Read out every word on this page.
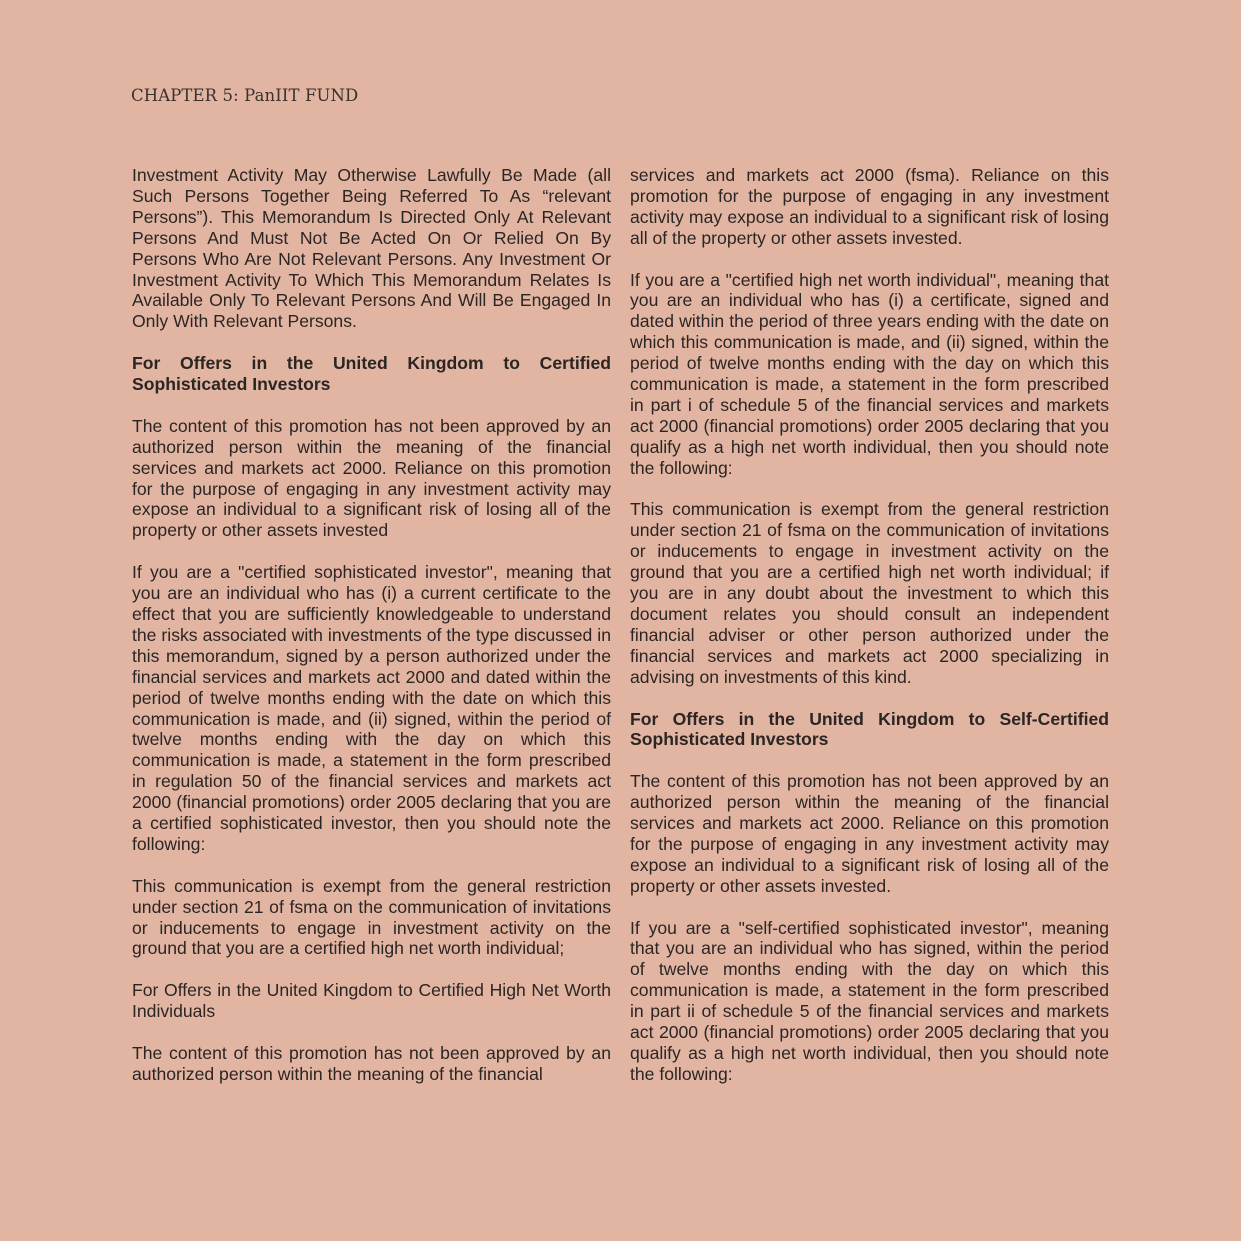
CHAPTER 5: PanIIT FUND

Investment Activity May Otherwise Lawfully Be Made (all Such Persons Together Being Referred To As “relevant Persons”). This Memorandum Is Directed Only At Relevant Persons And Must Not Be Acted On Or Relied On By Persons Who Are Not Relevant Persons. Any Investment Or Investment Activity To Which This Memorandum Relates Is Available Only To Relevant Persons And Will Be Engaged In Only With Relevant Persons.

For Offers in the United Kingdom to Certified Sophisticated Investors

The content of this promotion has not been approved by an authorized person within the meaning of the financial services and markets act 2000. Reliance on this promotion for the purpose of engaging in any investment activity may expose an individual to a significant risk of losing all of the property or other assets invested

If you are a "certified sophisticated investor", meaning that you are an individual who has (i) a current certificate to the effect that you are sufficiently knowledgeable to understand the risks associated with investments of the type discussed in this memorandum, signed by a person authorized under the financial services and markets act 2000 and dated within the period of twelve months ending with the date on which this communication is made, and (ii) signed, within the period of twelve months ending with the day on which this communication is made, a statement in the form prescribed in regulation 50 of the financial services and markets act 2000 (financial promotions) order 2005 declaring that you are a certified sophisticated investor, then you should note the following:

This communication is exempt from the general restriction under section 21 of fsma on the communication of invitations or inducements to engage in investment activity on the ground that you are a certified high net worth individual;

For Offers in the United Kingdom to Certified High Net Worth Individuals

The content of this promotion has not been approved by an authorized person within the meaning of the financial

services and markets act 2000 (fsma). Reliance on this promotion for the purpose of engaging in any investment activity may expose an individual to a significant risk of losing all of the property or other assets invested.

If you are a "certified high net worth individual", meaning that you are an individual who has (i) a certificate, signed and dated within the period of three years ending with the date on which this communication is made, and (ii) signed, within the period of twelve months ending with the day on which this communication is made, a statement in the form prescribed in part i of schedule 5 of the financial services and markets act 2000 (financial promotions) order 2005 declaring that you qualify as a high net worth individual, then you should note the following:

This communication is exempt from the general restriction under section 21 of fsma on the communication of invitations or inducements to engage in investment activity on the ground that you are a certified high net worth individual; if you are in any doubt about the investment to which this document relates you should consult an independent financial adviser or other person authorized under the financial services and markets act 2000 specializing in advising on investments of this kind.

For Offers in the United Kingdom to Self-Certified Sophisticated Investors

The content of this promotion has not been approved by an authorized person within the meaning of the financial services and markets act 2000. Reliance on this promotion for the purpose of engaging in any investment activity may expose an individual to a significant risk of losing all of the property or other assets invested.

If you are a "self-certified sophisticated investor", meaning that you are an individual who has signed, within the period of twelve months ending with the day on which this communication is made, a statement in the form prescribed in part ii of schedule 5 of the financial services and markets act 2000 (financial promotions) order 2005 declaring that you qualify as a high net worth individual, then you should note the following:
